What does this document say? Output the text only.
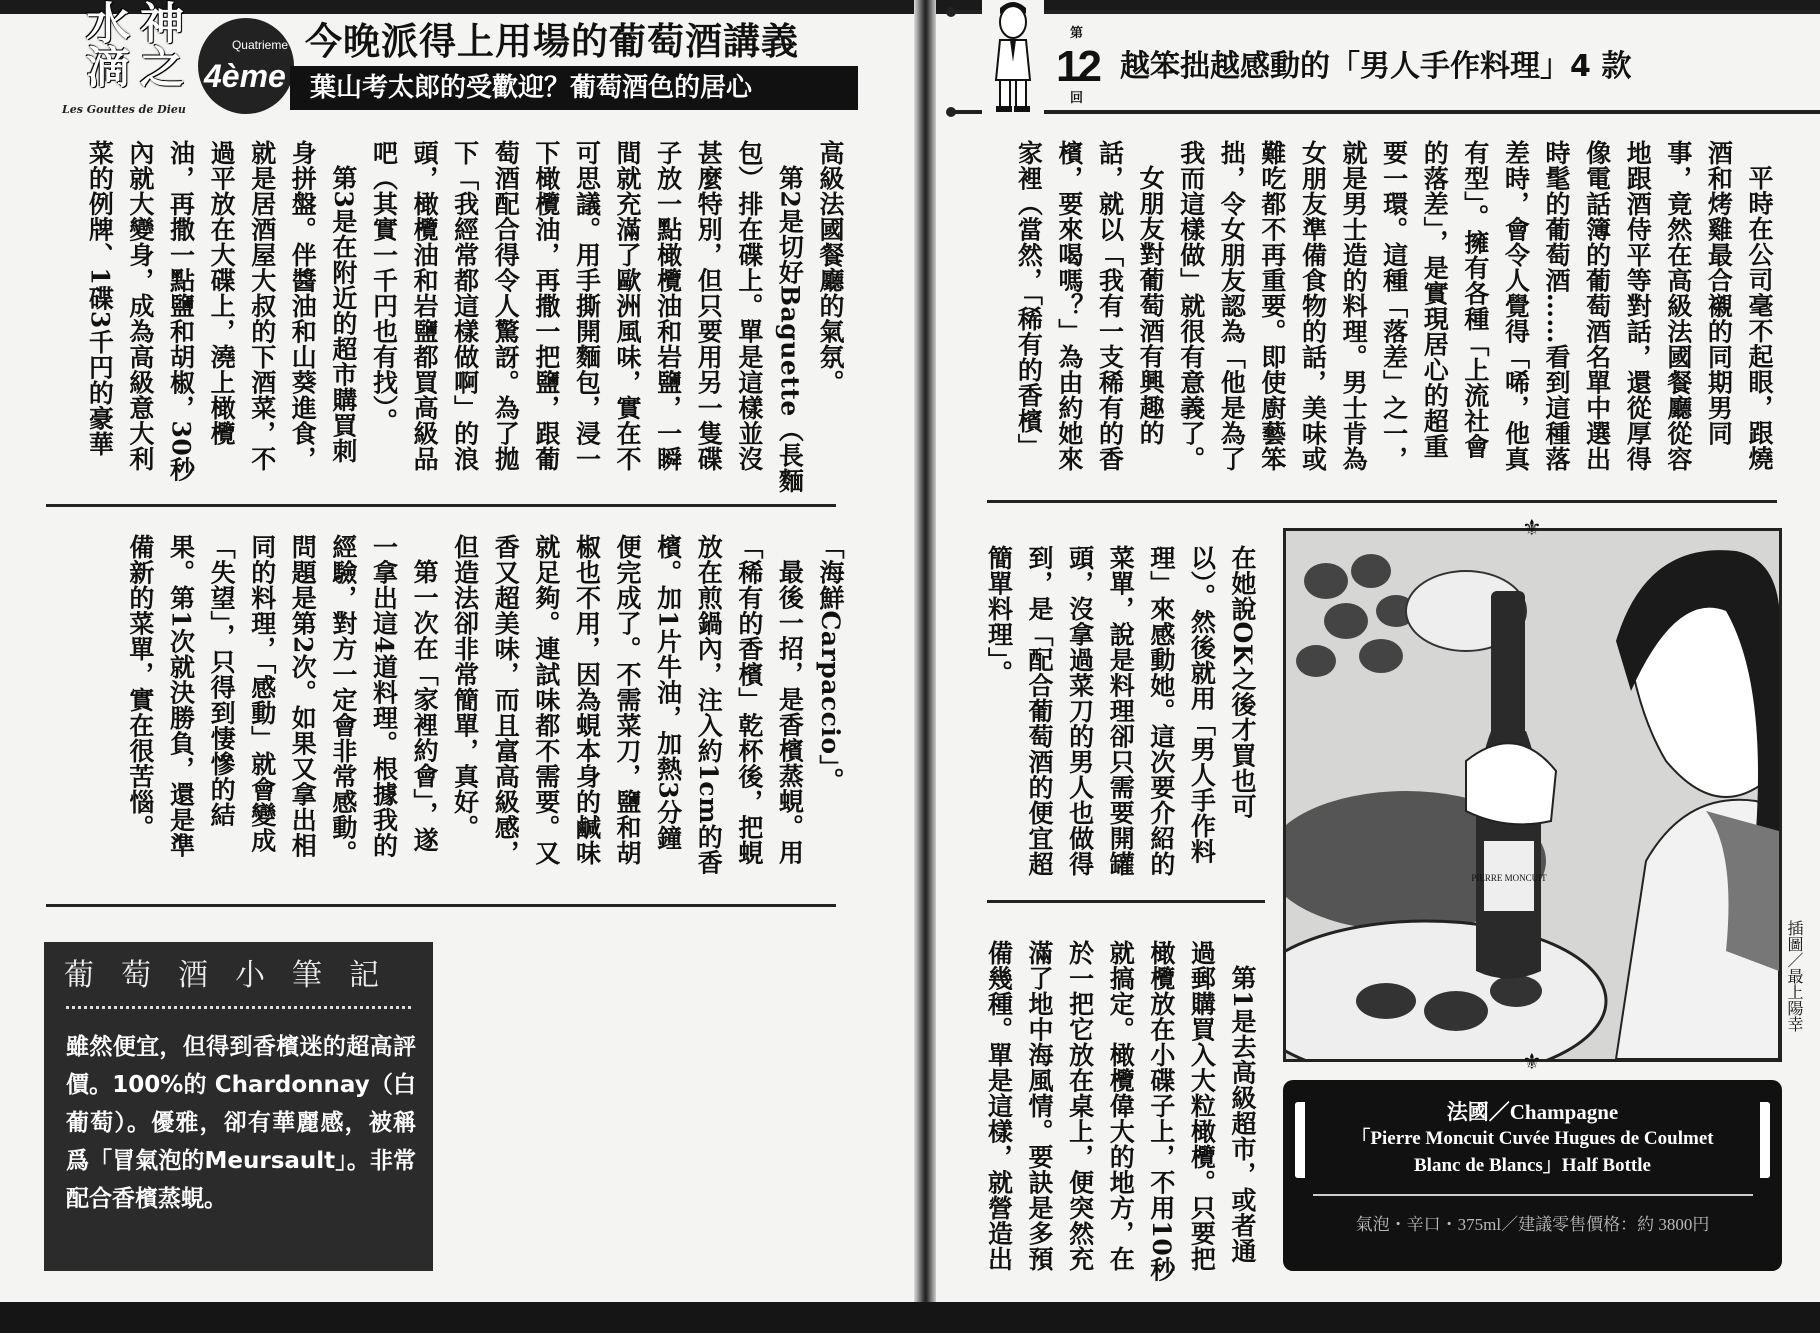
神之水滴
Les Gouttes de Dieu
Quatrieme
4ème
今晚派得上用場的葡萄酒講義
葉山考太郎的受歡迎？葡萄酒色的居心
高級法國餐廳的氣氛。
第2是切好Baguette（長麵
包）排在碟上。單是這樣並沒
甚麼特別，但只要用另一隻碟
子放一點橄欖油和岩鹽，一瞬
間就充滿了歐洲風味，實在不
可思議。用手撕開麵包，浸一
下橄欖油，再撒一把鹽，跟葡
萄酒配合得令人驚訝。為了拋
下「我經常都這樣做啊」的浪
頭，橄欖油和岩鹽都買高級品
吧（其實一千円也有找）。
第3是在附近的超市購買刺
身拼盤。伴醬油和山葵進食，
就是居酒屋大叔的下酒菜，不
過平放在大碟上，澆上橄欖
油，再撒一點鹽和胡椒，30秒
內就大變身，成為高級意大利
菜的例牌、1碟3千円的豪華
「海鮮Carpaccio」。
最後一招，是香檳蒸蜆。用
「稀有的香檳」乾杯後，把蜆
放在煎鍋內，注入約1cm的香
檳。加1片牛油，加熱3分鐘
便完成了。不需菜刀，鹽和胡
椒也不用，因為蜆本身的鹹味
就足夠。連試味都不需要。又
香又超美味，而且富高級感，
但造法卻非常簡單，真好。
第一次在「家裡約會」，遂
一拿出這4道料理。根據我的
經驗，對方一定會非常感動。
問題是第2次。如果又拿出相
同的料理，「感動」就會變成
「失望」，只得到悽慘的結
果。第1次就決勝負，還是準
備新的菜單，實在很苦惱。
葡萄酒小筆記
雖然便宜，但得到香檳迷的超高評價。100%的 Chardonnay（白葡萄）。優雅，卻有華麗感，被稱爲「冒氣泡的Meursault」。非常配合香檳蒸蜆。
第
12
回
越笨拙越感動的「男人手作料理」4 款
平時在公司毫不起眼，跟燒
酒和烤雞最合襯的同期男同
事，竟然在高級法國餐廳從容
地跟酒侍平等對話，還從厚得
像電話簿的葡萄酒名單中選出
時髦的葡萄酒……看到這種落
差時，會令人覺得「唏，他真
有型」。擁有各種「上流社會
的落差」，是實現居心的超重
要一環。這種「落差」之一，
就是男士造的料理。男士肯為
女朋友準備食物的話，美味或
難吃都不再重要。即使廚藝笨
拙，令女朋友認為「他是為了
我而這樣做」就很有意義了。
女朋友對葡萄酒有興趣的
話，就以「我有一支稀有的香
檳，要來喝嗎？」為由約她來
家裡（當然，「稀有的香檳」
在她說OK之後才買也可
以）。然後就用「男人手作料
理」來感動她。這次要介紹的
菜單，說是料理卻只需要開罐
頭，沒拿過菜刀的男人也做得
到，是「配合葡萄酒的便宜超
簡單料理」。
第1是去高級超市，或者通
過郵購買入大粒橄欖。只要把
橄欖放在小碟子上，不用10秒
就搞定。橄欖偉大的地方，在
於一把它放在桌上，便突然充
滿了地中海風情。要訣是多預
備幾種。單是這樣，就營造出
PIERRE MONCUIT
⚜
⚜
法國／Champagne
「Pierre Moncuit Cuvée Hugues de Coulmet
Blanc de Blancs」Half Bottle
氣泡・辛口・375ml／建議零售價格：約 3800円
插圖／最上陽幸
